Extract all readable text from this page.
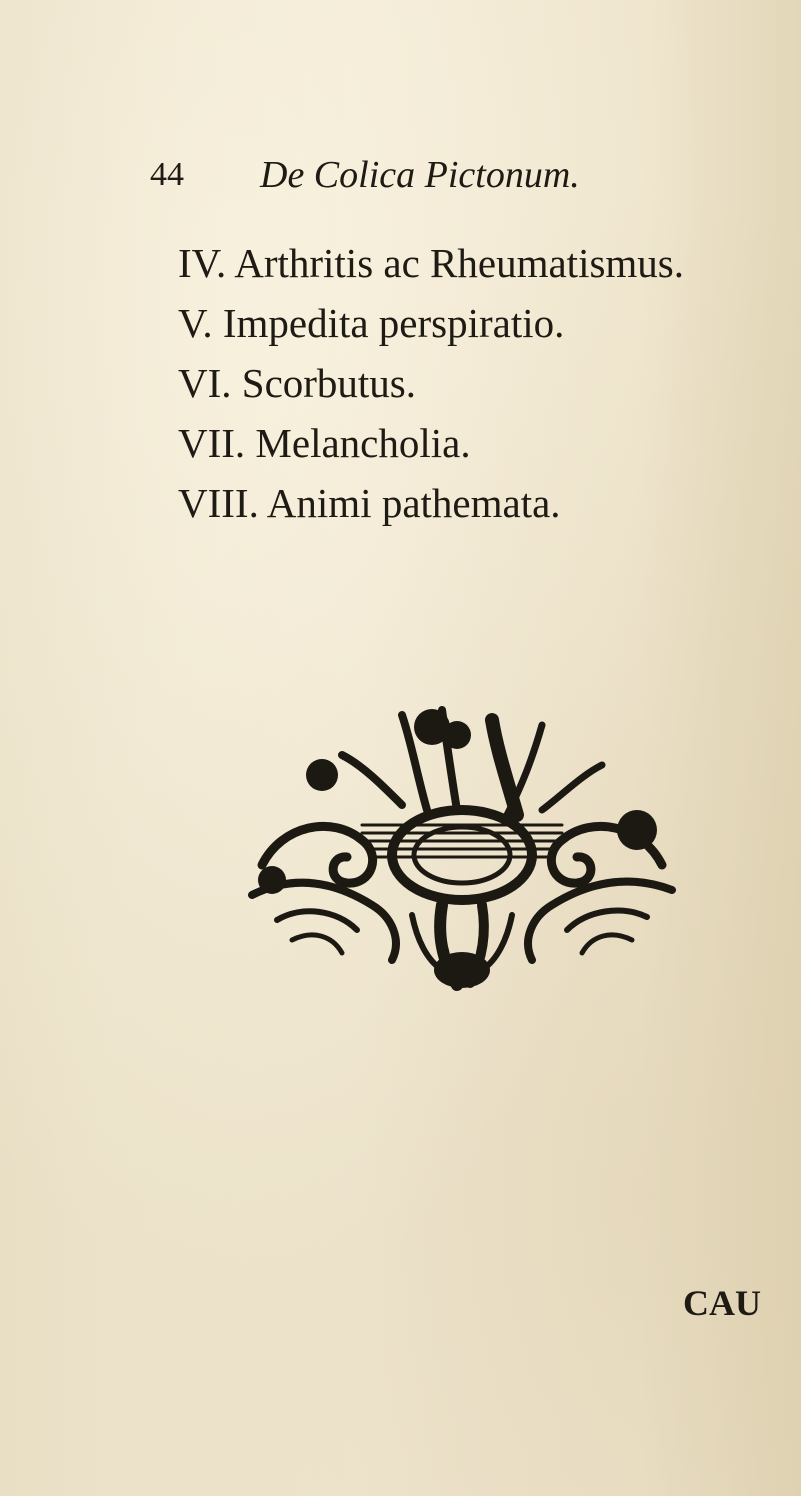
44 De Colica Pictonum.
IV. Arthritis ac Rheumatismus.
V. Impedita perspiratio.
VI. Scorbutus.
VII. Melancholia.
VIII. Animi pathemata.
CAU
